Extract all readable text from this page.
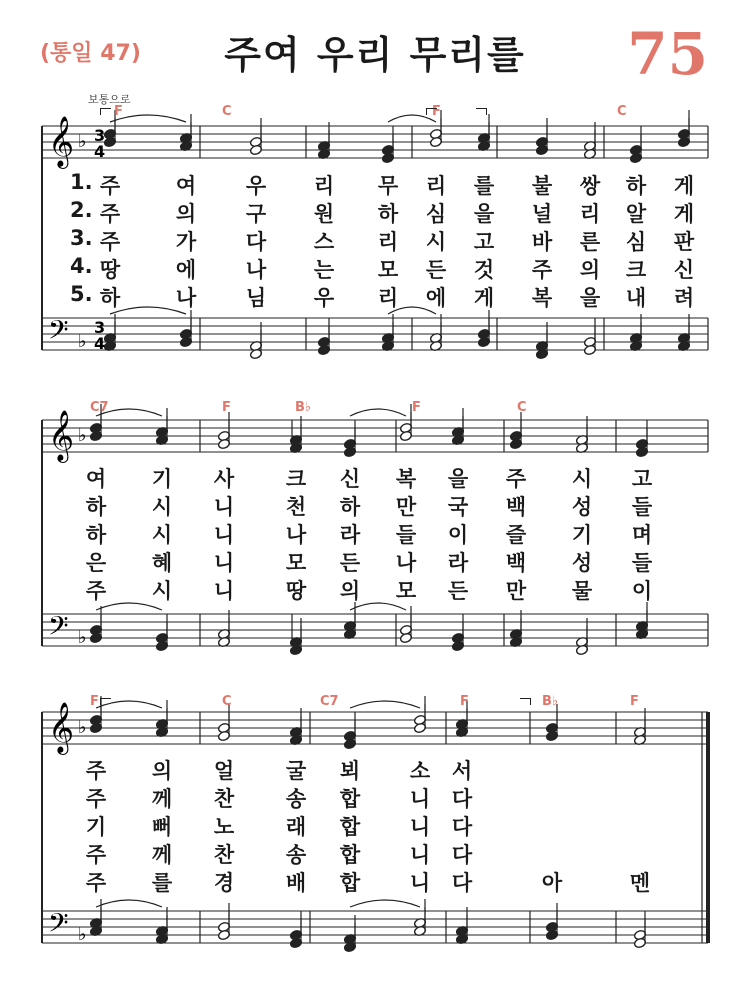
(통일 47)	주여 우리 무리를	75
보통으로
𝄞
𝄢
♭
♭
3
4
3
4
F	C	F	C
1. 주	여 우 리 무 리 를 불 쌍 하 게
2. 주	의 구 원 하 심 을 널 리 알 게
3. 주	가 다 스 리 시 고 바 른 심 판
4. 땅	에 나 는 모 든 것 주 의 크 신
5. 하	나 님 우 리 에 게 복 을 내 려
𝄞
𝄢
♭
♭
C7	F	B♭	F	C
여 기 사 크 신 복 을 주 시 고
하 시 니 천 하 만 국 백 성 들
하 시 니 나 라 들 이 즐 기 며
은 혜 니 모 든 나 라 백 성 들
주 시 니 땅 의 모 든 만 물 이
𝄞
𝄢
♭
♭
F	C	C7	F	B♭	F
주 의 얼 굴 뵈 소 서
주 께 찬 송 합 니 다
기 뻐 노 래 합 니 다
주 께 찬 송 합 니 다
주 를 경 배 합 니 다	아	멘
